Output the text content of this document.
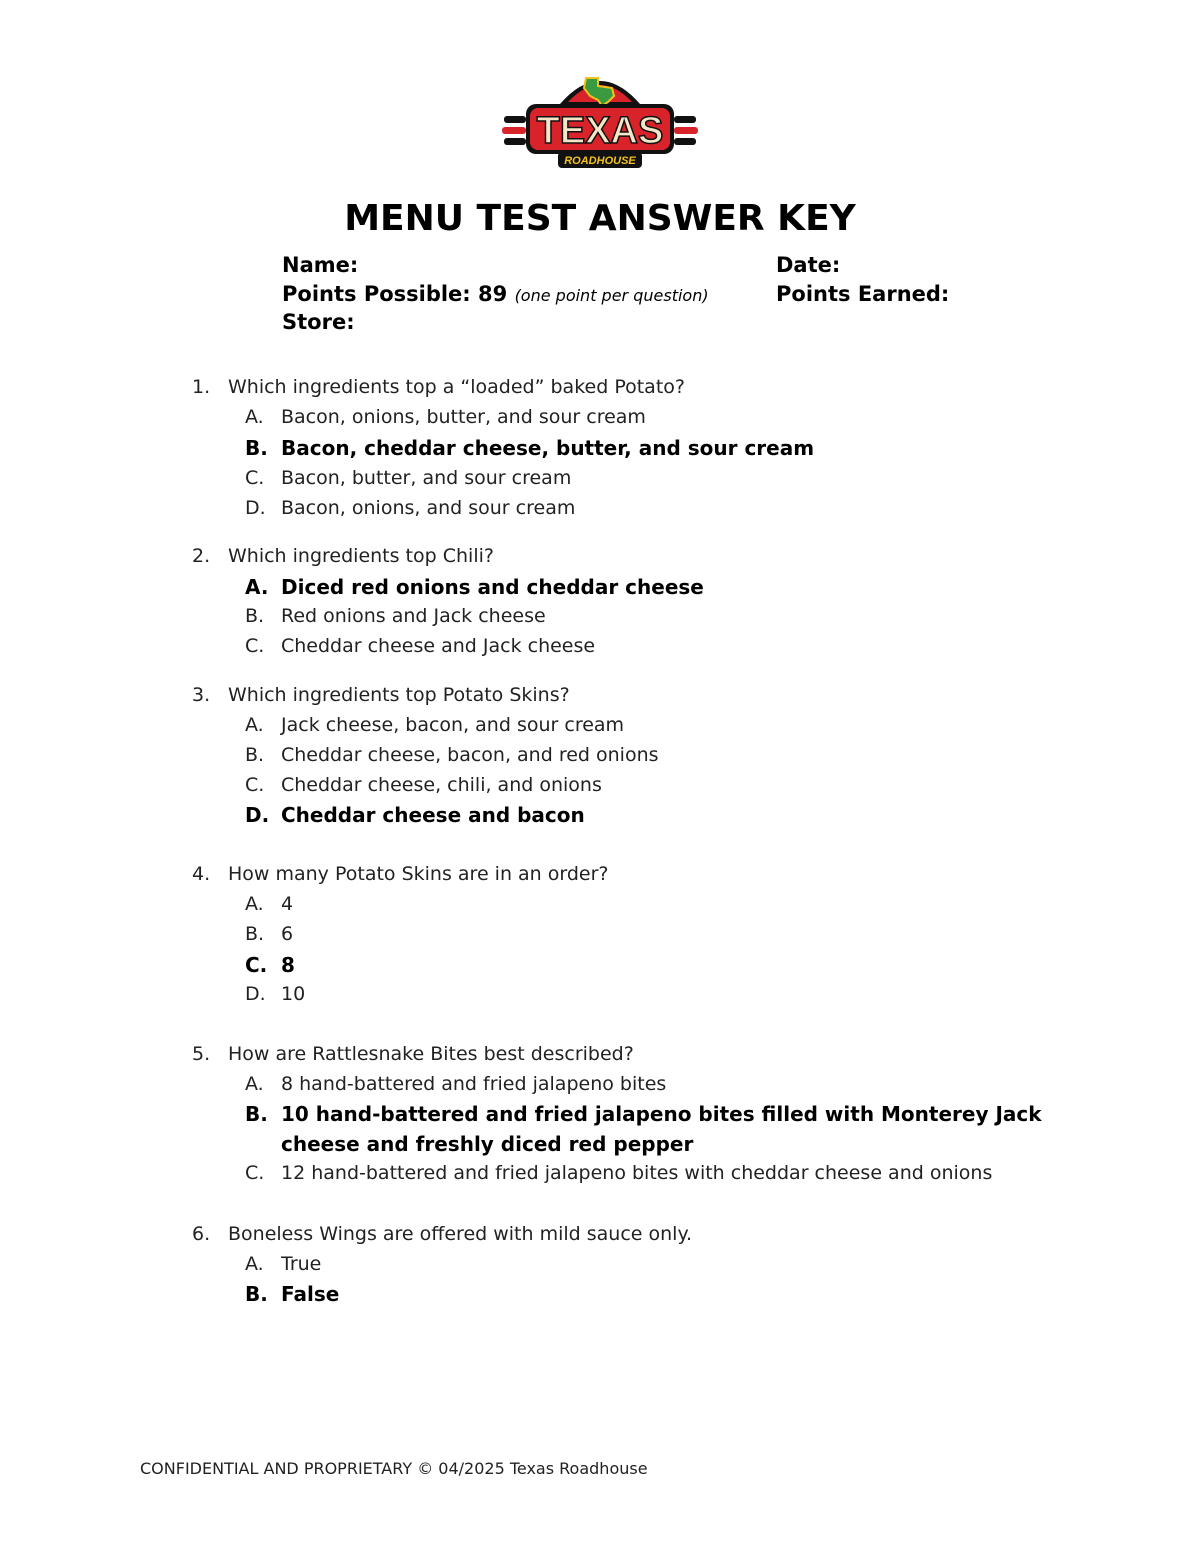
TEXAS
ROADHOUSE
MENU TEST ANSWER KEY
Name:
Points Possible: 89 (one point per question)
Store:
Date:
Points Earned:
1. Which ingredients top a “loaded” baked Potato?
A. Bacon, onions, butter, and sour cream
B. Bacon, cheddar cheese, butter, and sour cream
C. Bacon, butter, and sour cream
D. Bacon, onions, and sour cream
2. Which ingredients top Chili?
A. Diced red onions and cheddar cheese
B. Red onions and Jack cheese
C. Cheddar cheese and Jack cheese
3. Which ingredients top Potato Skins?
A. Jack cheese, bacon, and sour cream
B. Cheddar cheese, bacon, and red onions
C. Cheddar cheese, chili, and onions
D. Cheddar cheese and bacon
4. How many Potato Skins are in an order?
A. 4
B. 6
C. 8
D. 10
5. How are Rattlesnake Bites best described?
A. 8 hand-battered and fried jalapeno bites
B. 10 hand-battered and fried jalapeno bites filled with Monterey Jack
cheese and freshly diced red pepper
C. 12 hand-battered and fried jalapeno bites with cheddar cheese and onions
6. Boneless Wings are offered with mild sauce only.
A. True
B. False
CONFIDENTIAL AND PROPRIETARY © 04/2025 Texas Roadhouse
